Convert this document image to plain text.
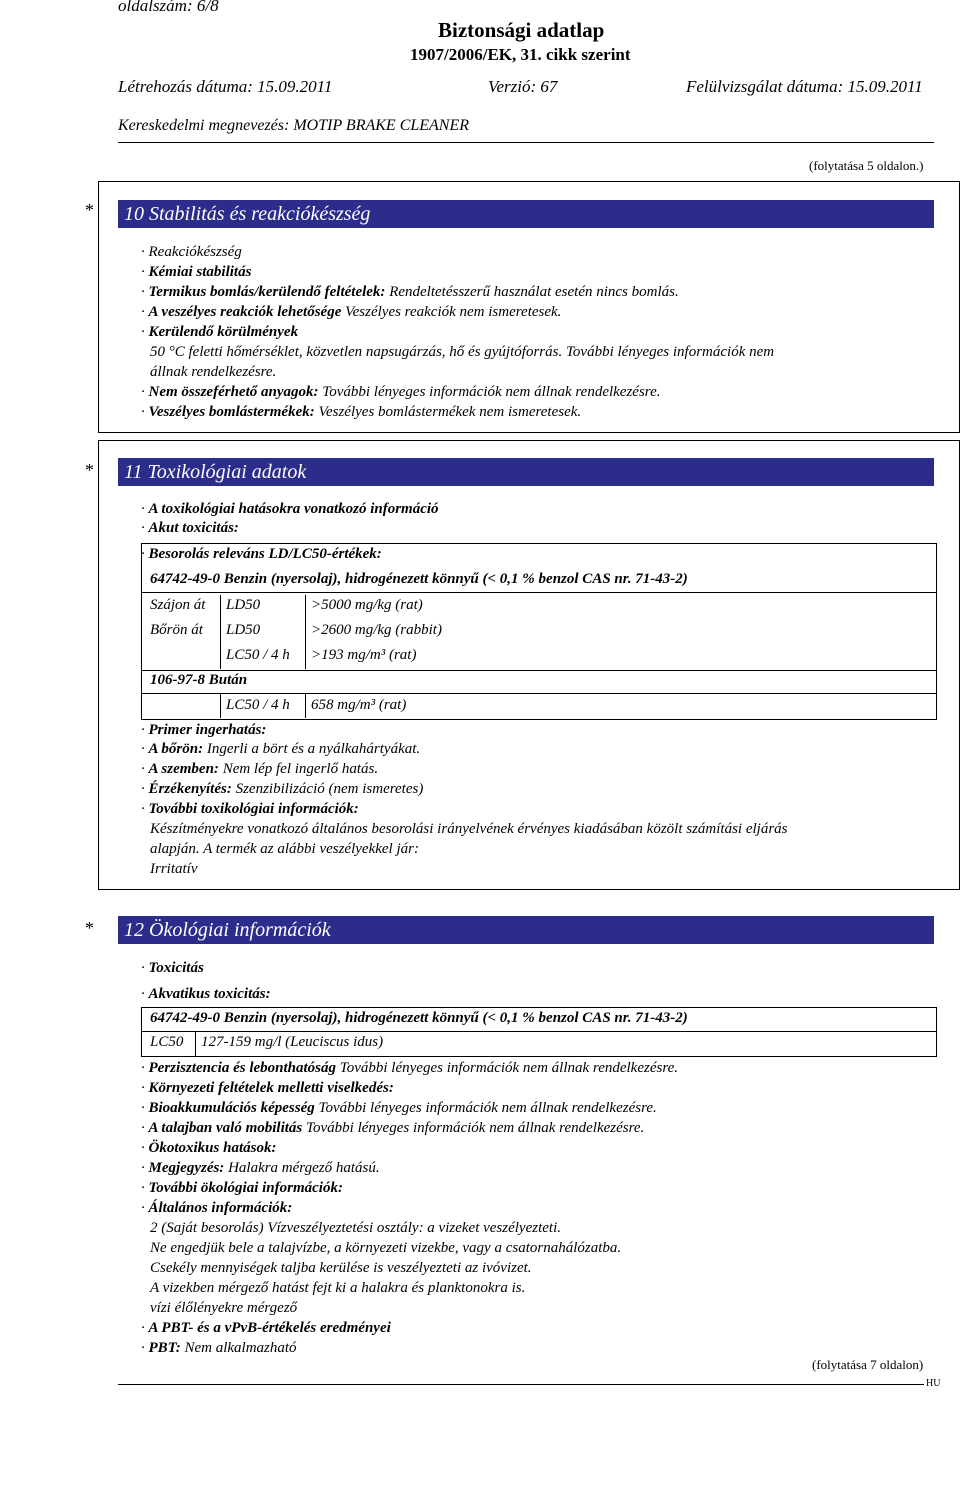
oldalszám: 6/8
Biztonsági adatlap
1907/2006/EK, 31. cikk szerint
Létrehozás dátuma: 15.09.2011	Verzió: 67	Felülvizsgálat dátuma: 15.09.2011
Kereskedelmi megnevezés: MOTIP BRAKE CLEANER
(folytatása 5 oldalon.)
* 10 Stabilitás és reakciókészség
· Reakciókészség
· Kémiai stabilitás
· Termikus bomlás/kerülendő feltételek: Rendeltetésszerű használat esetén nincs bomlás.
· A veszélyes reakciók lehetősége Veszélyes reakciók nem ismeretesek.
· Kerülendő körülmények
50 °C feletti hőmérséklet, közvetlen napsugárzás, hő és gyújtóforrás. További lényeges információk nem
állnak rendelkezésre.
· Nem összeférhető anyagok: További lényeges információk nem állnak rendelkezésre.
· Veszélyes bomlástermékek: Veszélyes bomlástermékek nem ismeretesek.
* 11 Toxikológiai adatok
· A toxikológiai hatásokra vonatkozó információ
· Akut toxicitás:
· Besorolás releváns LD/LC50-értékek:
64742-49-0 Benzin (nyersolaj), hidrogénezett könnyű (< 0,1 % benzol CAS nr. 71-43-2)
Szájon át LD50	>5000 mg/kg (rat)
Bőrön át LD50	>2600 mg/kg (rabbit)
LC50 / 4 h >193 mg/m³ (rat)
106-97-8 Bután
LC50 / 4 h 658 mg/m³ (rat)
· Primer ingerhatás:
· A bőrön: Ingerli a bört és a nyálkahártyákat.
· A szemben: Nem lép fel ingerlő hatás.
· Érzékenyítés: Szenzibilizáció (nem ismeretes)
· További toxikológiai információk:
Készítményekre vonatkozó általános besorolási irányelvének érvényes kiadásában közölt számítási eljárás
alapján. A termék az alábbi veszélyekkel jár:
Irritatív
* 12 Ökológiai információk
· Toxicitás
· Akvatikus toxicitás:
64742-49-0 Benzin (nyersolaj), hidrogénezett könnyű (< 0,1 % benzol CAS nr. 71-43-2)
LC50 127-159 mg/l (Leuciscus idus)
· Perzisztencia és lebonthatóság További lényeges információk nem állnak rendelkezésre.
· Környezeti feltételek melletti viselkedés:
· Bioakkumulációs képesség További lényeges információk nem állnak rendelkezésre.
· A talajban való mobilitás További lényeges információk nem állnak rendelkezésre.
· Ökotoxikus hatások:
· Megjegyzés: Halakra mérgező hatású.
· További ökológiai információk:
· Általános információk:
2 (Saját besorolás) Vízveszélyeztetési osztály: a vizeket veszélyezteti.
Ne engedjük bele a talajvízbe, a környezeti vizekbe, vagy a csatornahálózatba.
Csekély mennyiségek taljba kerülése is veszélyezteti az ivóvizet.
A vizekben mérgező hatást fejt ki a halakra és planktonokra is.
vízi élőlényekre mérgező
· A PBT- és a vPvB-értékelés eredményei
· PBT: Nem alkalmazható
(folytatása 7 oldalon)
HU
